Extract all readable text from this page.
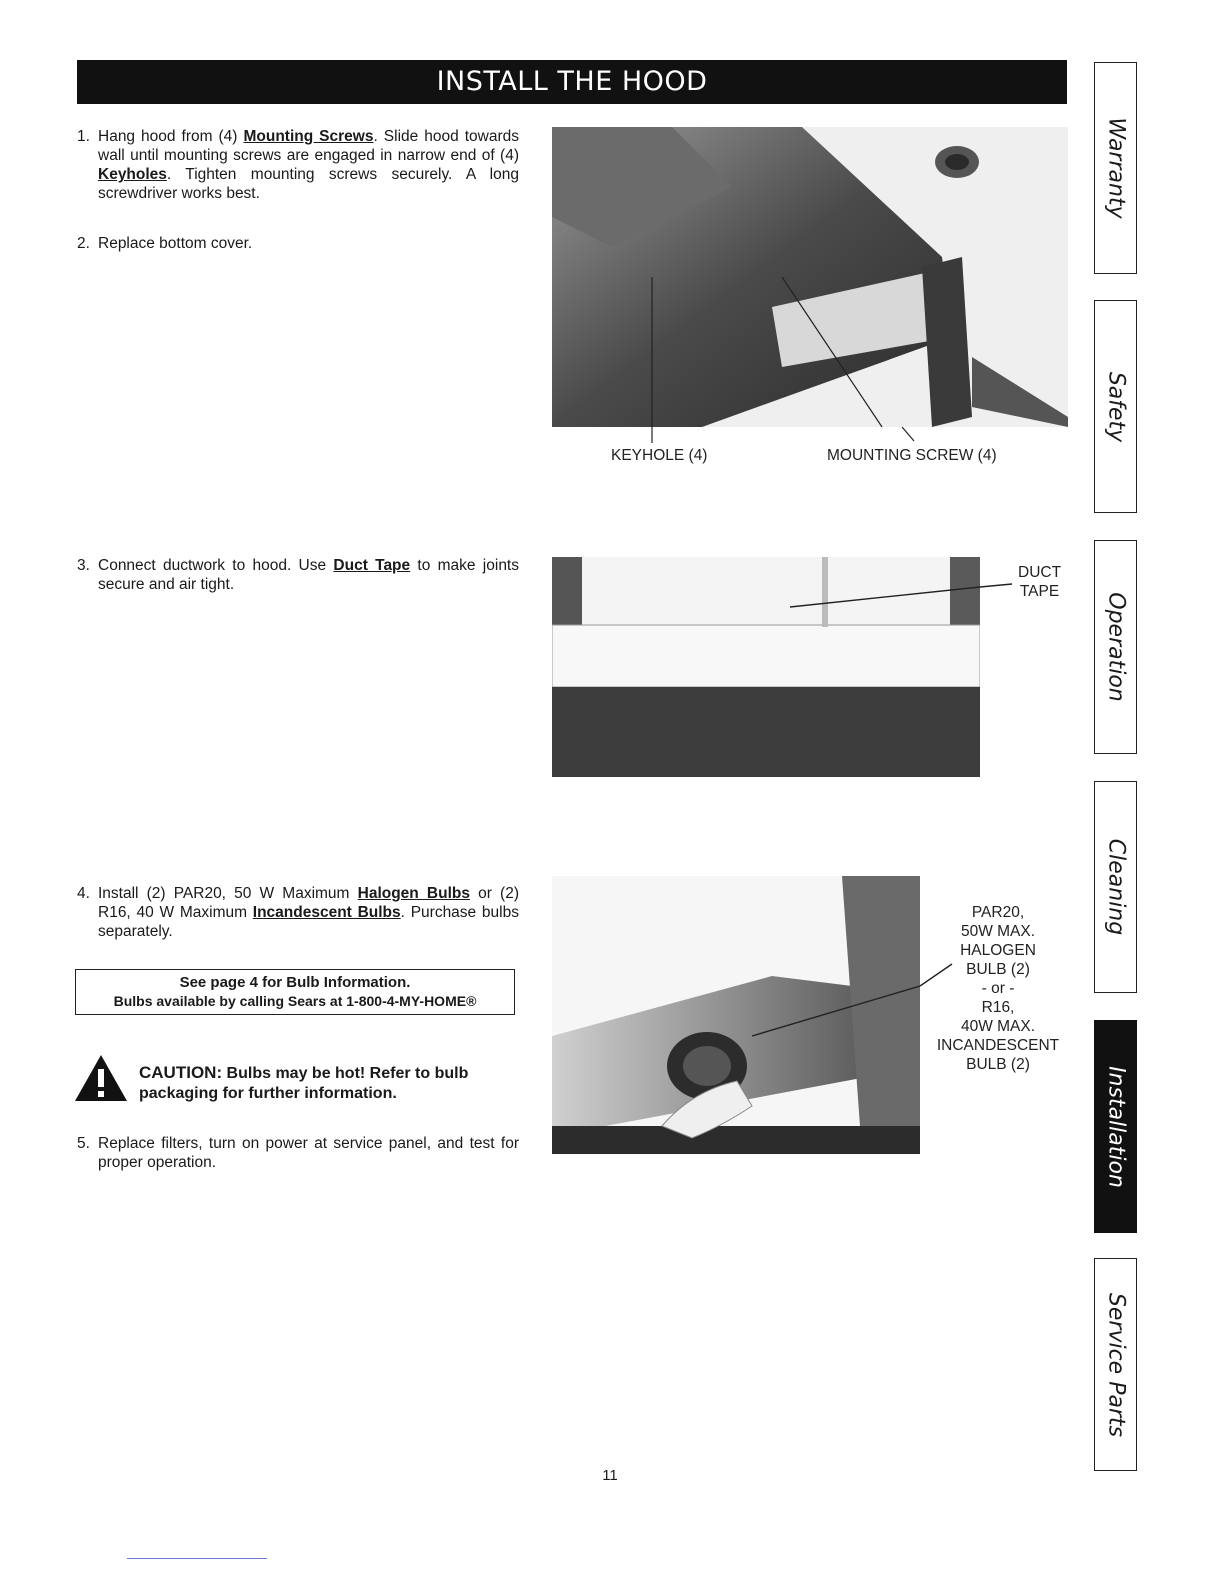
INSTALL THE HOOD
1. Hang hood from (4) Mounting Screws. Slide hood towards wall until mounting screws are engaged in narrow end of (4) Keyholes. Tighten mounting screws securely. A long screwdriver works best.
2. Replace bottom cover.
3. Connect ductwork to hood. Use Duct Tape to make joints secure and air tight.
4. Install (2) PAR20, 50 W Maximum Halogen Bulbs or (2) R16, 40 W Maximum Incandescent Bulbs. Purchase bulbs separately.
See page 4 for Bulb Information.
Bulbs available by calling Sears at 1-800-4-MY-HOME®
CAUTION: Bulbs may be hot! Refer to bulb packaging for further information.
5. Replace filters, turn on power at service panel, and test for proper operation.
KEYHOLE (4)	MOUNTING SCREW (4)
DUCT
TAPE
PAR20,
50W MAX.
HALOGEN
BULB (2)
- or -
R16,
40W MAX.
INCANDESCENT
BULB (2)
Warranty
Safety
Operation
Cleaning
Installation
Service Parts
11
